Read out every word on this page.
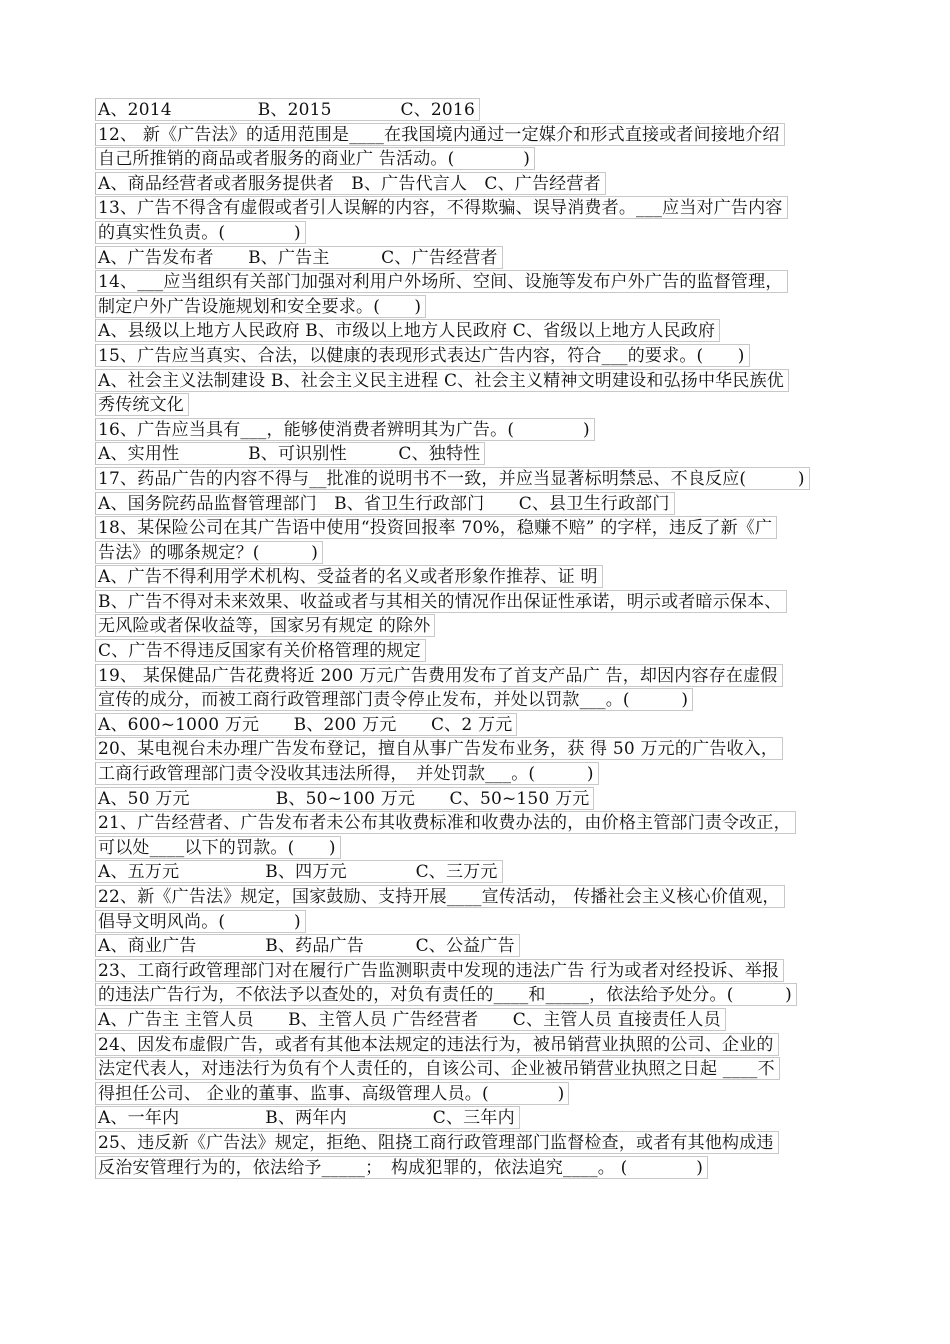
A、2014　　　　　B、2015　　　　C、2016
12、 新《广告法》的适用范围是____在我国境内通过一定媒介和形式直接或者间接地介绍
自己所推销的商品或者服务的商业广 告活动。(　　　　)
A、商品经营者或者服务提供者　B、广告代言人　C、广告经营者
13、广告不得含有虚假或者引人误解的内容，不得欺骗、误导消费者。___应当对广告内容
的真实性负责。(　　　　)
A、广告发布者　　B、广告主　　　C、广告经营者
14、___应当组织有关部门加强对利用户外场所、空间、设施等发布户外广告的监督管理，
制定户外广告设施规划和安全要求。(　　)
A、县级以上地方人民政府 B、市级以上地方人民政府 C、省级以上地方人民政府
15、广告应当真实、合法，以健康的表现形式表达广告内容，符合___的要求。(　　)
A、社会主义法制建设 B、社会主义民主进程 C、社会主义精神文明建设和弘扬中华民族优
秀传统文化
16、广告应当具有___，能够使消费者辨明其为广告。(　　　　)
A、实用性　　　　B、可识别性　　　C、独特性
17、药品广告的内容不得与__批准的说明书不一致，并应当显著标明禁忌、不良反应(　　　)
A、国务院药品监督管理部门　B、省卫生行政部门　　C、县卫生行政部门
18、某保险公司在其广告语中使用“投资回报率 70%，稳赚不赔” 的字样，违反了新《广
告法》的哪条规定？(　　　)
A、广告不得利用学术机构、受益者的名义或者形象作推荐、证 明
B、广告不得对未来效果、收益或者与其相关的情况作出保证性承诺，明示或者暗示保本、
无风险或者保收益等，国家另有规定 的除外
C、广告不得违反国家有关价格管理的规定
19、 某保健品广告花费将近 200 万元广告费用发布了首支产品广 告，却因内容存在虚假
宣传的成分，而被工商行政管理部门责令停止发布，并处以罚款___。(　　　)
A、600~1000 万元　　B、200 万元　　C、2 万元
20、某电视台未办理广告发布登记，擅自从事广告发布业务，获 得 50 万元的广告收入，
工商行政管理部门责令没收其违法所得，　并处罚款___。(　　　)
A、50 万元　　　　　B、50~100 万元　　C、50~150 万元
21、广告经营者、广告发布者未公布其收费标准和收费办法的，由价格主管部门责令改正，
可以处____以下的罚款。(　　)
A、五万元　　　　　B、四万元　　　　C、三万元
22、新《广告法》规定，国家鼓励、支持开展____宣传活动， 传播社会主义核心价值观，
倡导文明风尚。(　　　　)
A、商业广告　　　　B、药品广告　　　C、公益广告
23、工商行政管理部门对在履行广告监测职责中发现的违法广告 行为或者对经投诉、举报
的违法广告行为，不依法予以查处的，对负有责任的____和_____，依法给予处分。(　　　)
A、广告主 主管人员　　B、主管人员 广告经营者　　C、主管人员 直接责任人员
24、因发布虚假广告，或者有其他本法规定的违法行为，被吊销营业执照的公司、企业的
法定代表人，对违法行为负有个人责任的，自该公司、企业被吊销营业执照之日起 ____不
得担任公司、 企业的董事、监事、高级管理人员。(　　　　)
A、一年内　　　　　B、两年内　　　　　C、三年内
25、违反新《广告法》规定，拒绝、阻挠工商行政管理部门监督检查，或者有其他构成违
反治安管理行为的，依法给予_____；　构成犯罪的，依法追究____。 (　　　　)
